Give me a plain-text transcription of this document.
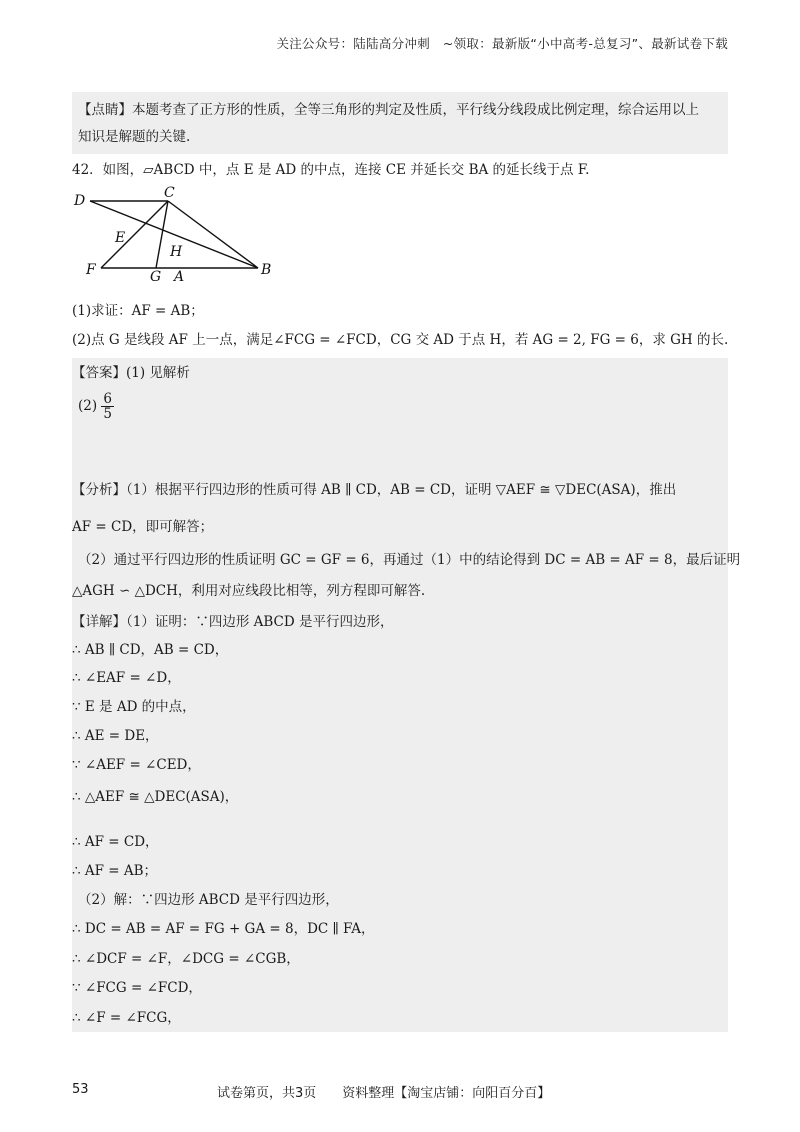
关注公众号：陆陆高分冲刺　~领取：最新版“小中高考-总复习”、最新试卷下载
【点睛】本题考查了正方形的性质，全等三角形的判定及性质，平行线分线段成比例定理，综合运用以上
知识是解题的关键.
42．如图，▱ABCD 中，点 E 是 AD 的中点，连接 CE 并延长交 BA 的延长线于点 F.
D	C
E
H
F	G A	B
(1)求证：AF = AB；
(2)点 G 是线段 AF 上一点，满足∠FCG = ∠FCD，CG 交 AD 于点 H，若 AG = 2, FG = 6，求 GH 的长.
【答案】(1) 见解析
$(2) \frac{6}{5}$
【分析】（1）根据平行四边形的性质可得 AB ∥ CD，AB = CD，证明 ▽AEF ≅ ▽DEC(ASA)，推出
AF = CD，即可解答；
（2）通过平行四边形的性质证明 GC = GF = 6，再通过（1）中的结论得到 DC = AB = AF = 8，最后证明
△AGH ∽ △DCH，利用对应线段比相等，列方程即可解答.
【详解】（1）证明：∵四边形 ABCD 是平行四边形，
∴ AB ∥ CD，AB = CD，
∴ ∠EAF = ∠D，
∵ E 是 AD 的中点，
∴ AE = DE，
∵ ∠AEF = ∠CED，
∴ △AEF ≅ △DEC(ASA)，
∴ AF = CD，
∴ AF = AB；
（2）解：∵四边形 ABCD 是平行四边形，
∴ DC = AB = AF = FG + GA = 8，DC ∥ FA，
∴ ∠DCF = ∠F，∠DCG = ∠CGB，
∵ ∠FCG = ∠FCD，
∴ ∠F = ∠FCG，
53	试卷第页，共3页　　资料整理【淘宝店铺：向阳百分百】
